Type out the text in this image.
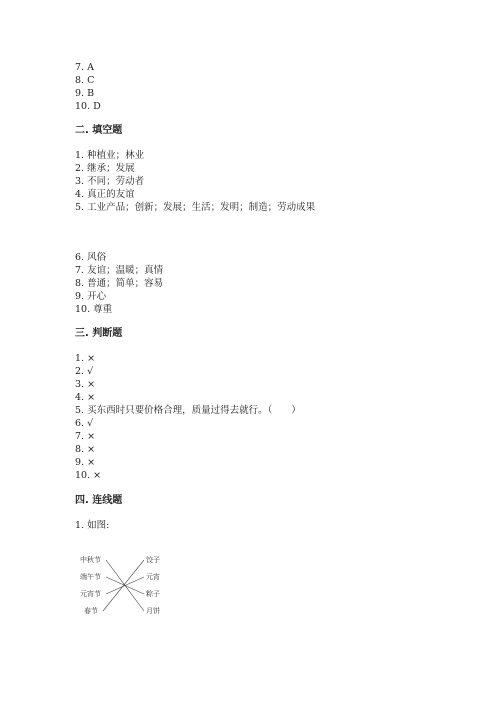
7. A
8. C
9. B
10. D
二. 填空题
1. 种植业；林业
2. 继承；发展
3. 不同；劳动者
4. 真正的友谊
5. 工业产品；创新；发展；生活；发明；制造；劳动成果
6. 风俗
7. 友谊；温暖；真情
8. 普通；简单；容易
9. 开心
10. 尊重
三. 判断题
1. ×
2. √
3. ×
4. ×
5. 买东西时只要价格合理，质量过得去就行。（　　）
6. √
7. ×
8. ×
9. ×
10. ×
四. 连线题
1. 如图:
中秋节
端午节
元宵节
春节
饺子
元宵
粽子
月饼
